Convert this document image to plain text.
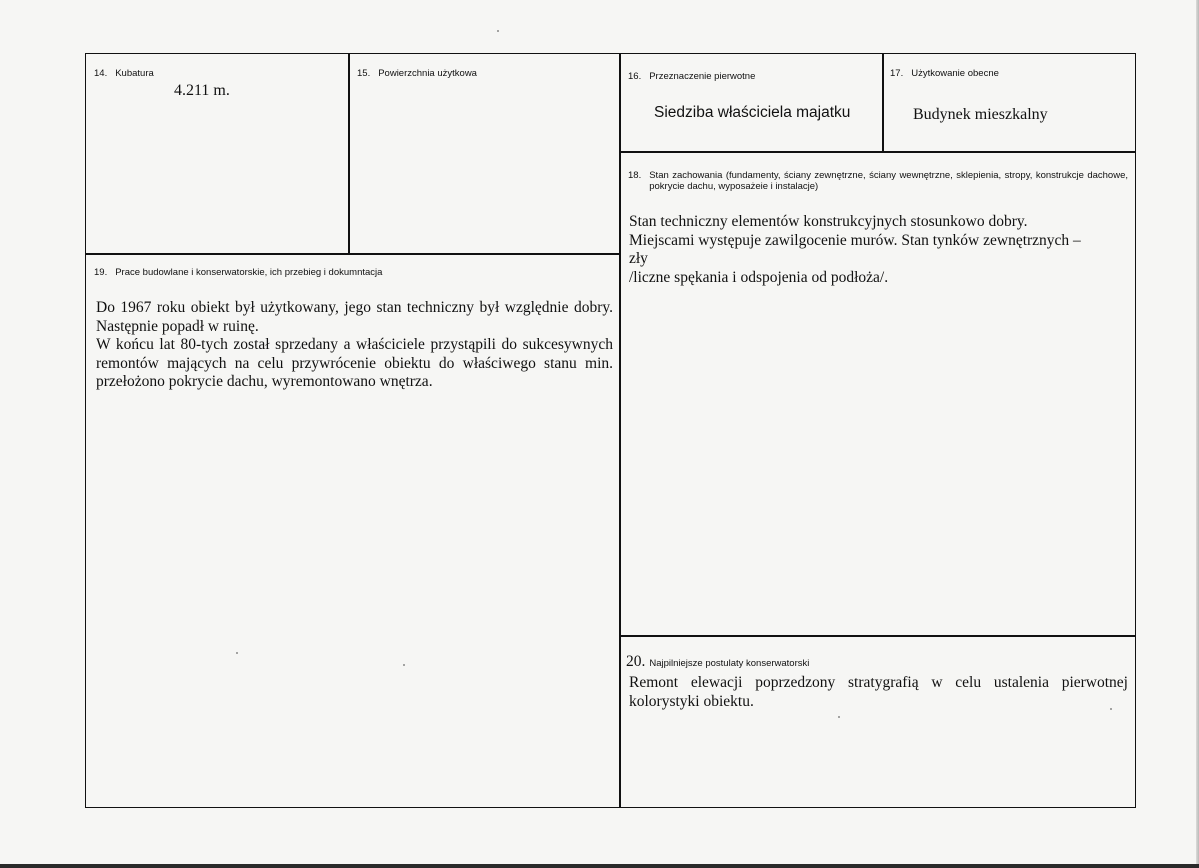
14. Kubatura
4.211 m.
15. Powierzchnia użytkowa	16. Przeznaczenie pierwotne
Siedziba właściciela majatku
17. Użytkowanie obecne
Budynek mieszkalny
18. Stan zachowania (fundamenty, ściany zewnętrzne, ściany wewnętrzne, sklepienia, stropy, konstrukcje dachowe, pokrycie dachu, wyposażeie i instalacje)
Stan techniczny elementów konstrukcyjnych stosunkowo dobry.
Miejscami występuje zawilgocenie murów. Stan tynków zewnętrznych – zły
/liczne spękania i odspojenia od podłoża/.
19. Prace budowlane i konserwatorskie, ich przebieg i dokumntacja

Do 1967 roku obiekt był użytkowany, jego stan techniczny był względnie dobry. Następnie popadł w ruinę.

W końcu lat 80-tych został sprzedany a właściciele przystąpili do sukcesywnych remontów mających na celu przywrócenie obiektu do właściwego stanu min. przełożono pokrycie dachu, wyremontowano wnętrza.

20. Najpilniejsze postulaty konserwatorski

Remont elewacji poprzedzony stratygrafią w celu ustalenia pierwotnej kolorystyki obiektu.
